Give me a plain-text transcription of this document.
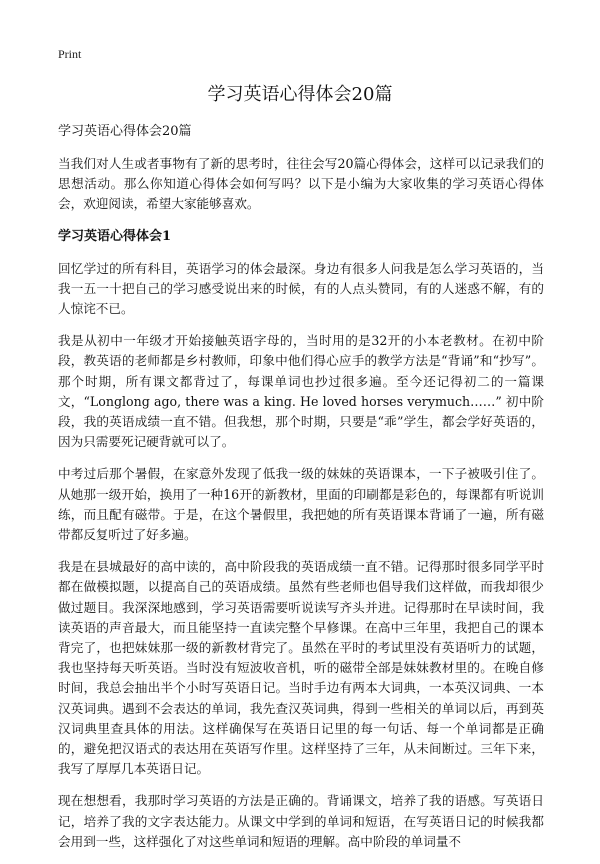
Print
学习英语心得体会20篇

学习英语心得体会20篇

当我们对人生或者事物有了新的思考时，往往会写20篇心得体会，这样可以记录我们的思想活动。那么你知道心得体会如何写吗？以下是小编为大家收集的学习英语心得体会，欢迎阅读，希望大家能够喜欢。

学习英语心得体会1

回忆学过的所有科目，英语学习的体会最深。身边有很多人问我是怎么学习英语的，当我一五一十把自己的学习感受说出来的时候，有的人点头赞同，有的人迷惑不解，有的人惊诧不已。

我是从初中一年级才开始接触英语字母的，当时用的是32开的小本老教材。在初中阶段，教英语的老师都是乡村教师，印象中他们得心应手的教学方法是“背诵”和“抄写”。那个时期，所有课文都背过了，每课单词也抄过很多遍。至今还记得初二的一篇课文，“Longlong ago, there was a king. He loved horses verymuch……” 初中阶段，我的英语成绩一直不错。但我想，那个时期，只要是“乖”学生，都会学好英语的，因为只需要死记硬背就可以了。

中考过后那个暑假，在家意外发现了低我一级的妹妹的英语课本，一下子被吸引住了。从她那一级开始，换用了一种16开的新教材，里面的印刷都是彩色的，每课都有听说训练，而且配有磁带。于是，在这个暑假里，我把她的所有英语课本背诵了一遍，所有磁带都反复听过了好多遍。

我是在县城最好的高中读的，高中阶段我的英语成绩一直不错。记得那时很多同学平时都在做模拟题，以提高自己的英语成绩。虽然有些老师也倡导我们这样做，而我却很少做过题目。我深深地感到，学习英语需要听说读写齐头并进。记得那时在早读时间，我读英语的声音最大，而且能坚持一直读完整个早修课。在高中三年里，我把自己的课本背完了，也把妹妹那一级的新教材背完了。虽然在平时的考试里没有英语听力的试题，我也坚持每天听英语。当时没有短波收音机，听的磁带全部是妹妹教材里的。在晚自修时间，我总会抽出半个小时写英语日记。当时手边有两本大词典，一本英汉词典、一本汉英词典。遇到不会表达的单词，我先查汉英词典，得到一些相关的单词以后，再到英汉词典里查具体的用法。这样确保写在英语日记里的每一句话、每一个单词都是正确的，避免把汉语式的表达用在英语写作里。这样坚持了三年，从未间断过。三年下来，我写了厚厚几本英语日记。

现在想想看，我那时学习英语的方法是正确的。背诵课文，培养了我的语感。写英语日记，培养了我的文字表达能力。从课文中学到的单词和短语，在写英语日记的时候我都会用到一些，这样强化了对这些单词和短语的理解。高中阶段的单词量不
